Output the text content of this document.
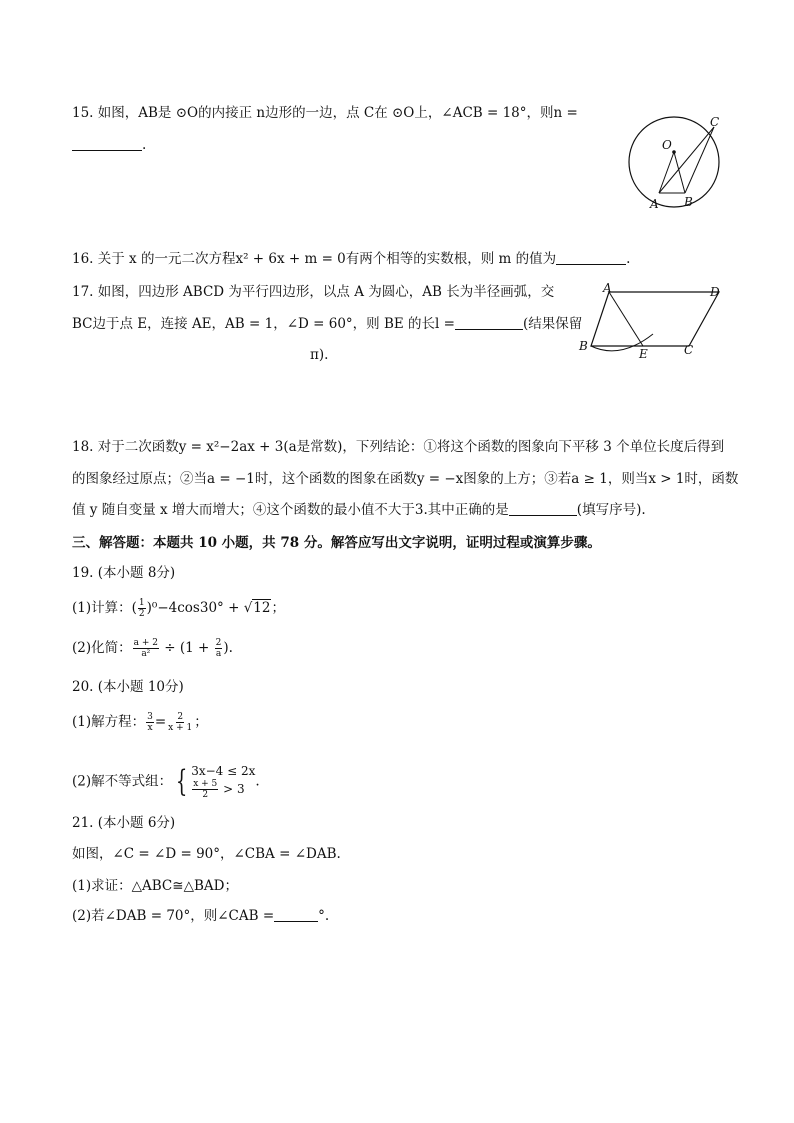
15. 如图，AB是 ⊙O的内接正 n边形的一边，点 C在 ⊙O上，∠ACB = 18°，则n =
.	O
A B
C
16. 关于 x 的一元二次方程x² + 6x + m = 0有两个相等的实数根，则 m 的值为	.
17. 如图，四边形 ABCD 为平行四边形，以点 A 为圆心，AB 长为半径画弧，交
BC边于点 E，连接 AE，AB = 1，∠D = 60°，则 BE 的长l =	(结果保留
π).
A	D
B
E	C
18. 对于二次函数y = x²−2ax + 3(a是常数)，下列结论：①将这个函数的图象向下平移 3 个单位长度后得到
的图象经过原点；②当a = −1时，这个函数的图象在函数y = −x图象的上方；③若a ≥ 1，则当x > 1时，函数
值 y 随自变量 x 增大而增大；④这个函数的最小值不大于3.其中正确的是	(填写序号).
三、解答题：本题共 10 小题，共 78 分。解答应写出文字说明，证明过程或演算步骤。
19. (本小题 8分)
(1)计算：( $\frac{1}{2} )^0-4\cos 30^\circ + √12$；
(2)化简： $\frac{a + 2}{\text{a²}} \div (1 + \frac{2}{a}$ ).
20. (本小题 10分)
(1)解方程： $\frac{3}{x} = \frac{2}{x + 1}$ ；
(2)解不等式组： { 3x−4 ≤ 2x
$\frac{x + 5}{2} > 3$ .
21. (本小题 6分)
如图，∠C = ∠D = 90°，∠CBA = ∠DAB.
(1)求证：△ABC≅△BAD；
(2)若∠DAB = 70°，则∠CAB =	°.
